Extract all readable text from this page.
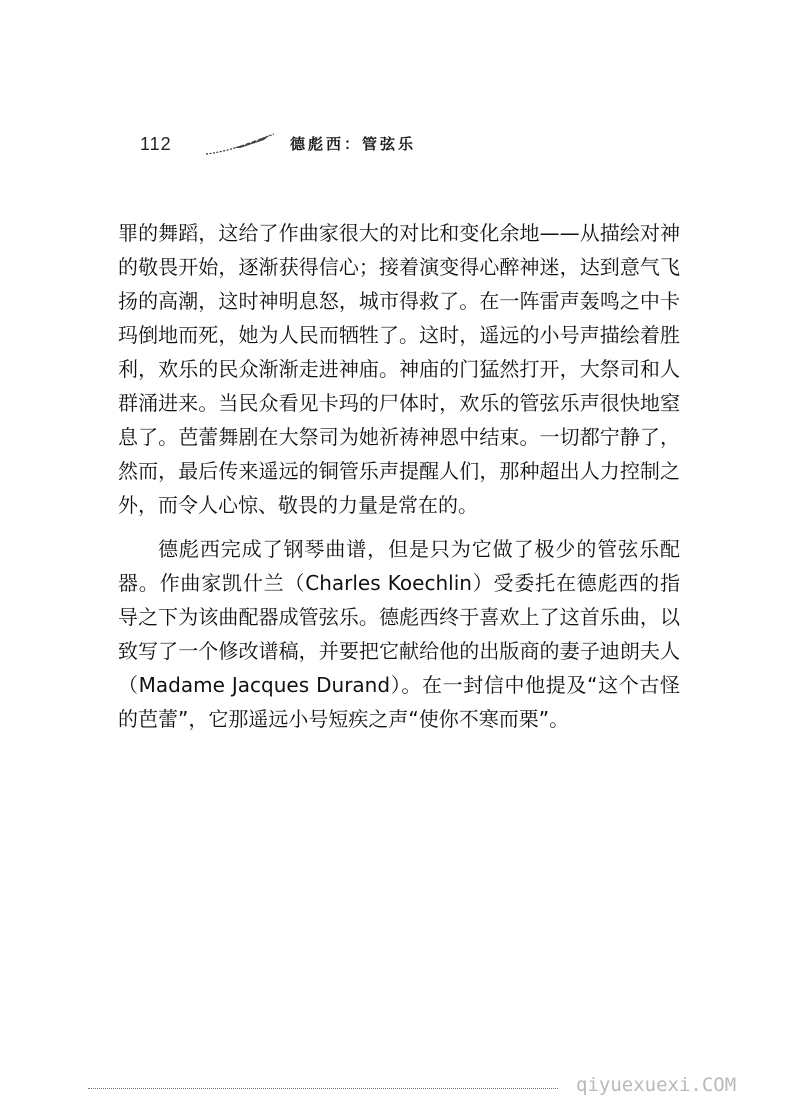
112	德彪西：管弦乐

罪的舞蹈，这给了作曲家很大的对比和变化余地——从描绘对神的敬畏开始，逐渐获得信心；接着演变得心醉神迷，达到意气飞扬的高潮，这时神明息怒，城市得救了。在一阵雷声轰鸣之中卡玛倒地而死，她为人民而牺牲了。这时，遥远的小号声描绘着胜利，欢乐的民众渐渐走进神庙。神庙的门猛然打开，大祭司和人群涌进来。当民众看见卡玛的尸体时，欢乐的管弦乐声很快地窒息了。芭蕾舞剧在大祭司为她祈祷神恩中结束。一切都宁静了，然而，最后传来遥远的铜管乐声提醒人们，那种超出人力控制之外，而令人心惊、敬畏的力量是常在的。

德彪西完成了钢琴曲谱，但是只为它做了极少的管弦乐配器。作曲家凯什兰（Charles Koechlin）受委托在德彪西的指导之下为该曲配器成管弦乐。德彪西终于喜欢上了这首乐曲，以致写了一个修改谱稿，并要把它献给他的出版商的妻子迪朗夫人（Madame Jacques Durand）。在一封信中他提及“这个古怪的芭蕾”，它那遥远小号短疾之声“使你不寒而栗”。

qiyuexuexi.COM
